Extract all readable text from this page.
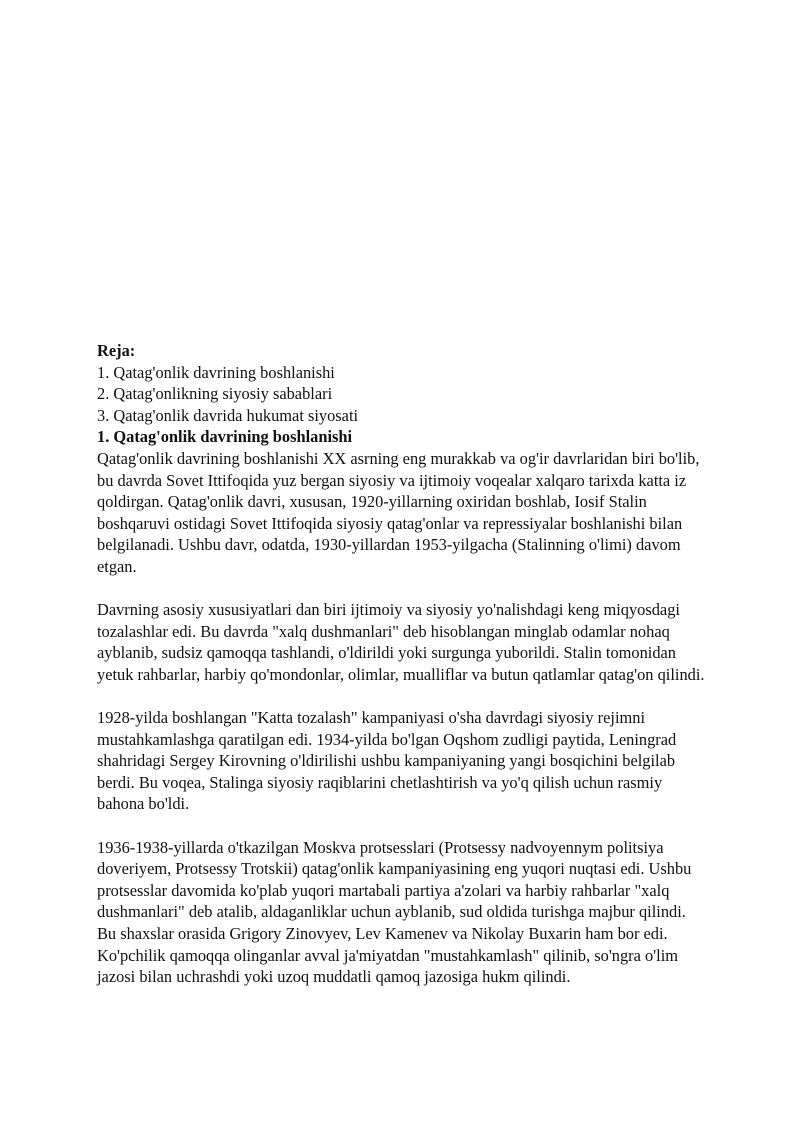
Reja:
1. Qatag'onlik davrining boshlanishi
2. Qatag'onlikning siyosiy sabablari
3. Qatag'onlik davrida hukumat siyosati
1. Qatag'onlik davrining boshlanishi

Qatag'onlik davrining boshlanishi XX asrning eng murakkab va og'ir davrlaridan biri bo'lib, bu davrda Sovet Ittifoqida yuz bergan siyosiy va ijtimoiy voqealar xalqaro tarixda katta iz qoldirgan. Qatag'onlik davri, xususan, 1920-yillarning oxiridan boshlab, Iosif Stalin boshqaruvi ostidagi Sovet Ittifoqida siyosiy qatag'onlar va repressiyalar boshlanishi bilan belgilanadi. Ushbu davr, odatda, 1930-yillardan 1953-yilgacha (Stalinning o'limi) davom etgan.

Davrning asosiy xususiyatlari dan biri ijtimoiy va siyosiy yo'nalishdagi keng miqyosdagi tozalashlar edi. Bu davrda "xalq dushmanlari" deb hisoblangan minglab odamlar nohaq ayblanib, sudsiz qamoqqa tashlandi, o'ldirildi yoki surgunga yuborildi. Stalin tomonidan yetuk rahbarlar, harbiy qo'mondonlar, olimlar, mualliflar va butun qatlamlar qatag'on qilindi.

1928-yilda boshlangan "Katta tozalash" kampaniyasi o'sha davrdagi siyosiy rejimni mustahkamlashga qaratilgan edi. 1934-yilda bo'lgan Oqshom zudligi paytida, Leningrad shahridagi Sergey Kirovning o'ldirilishi ushbu kampaniyaning yangi bosqichini belgilab berdi. Bu voqea, Stalinga siyosiy raqiblarini chetlashtirish va yo'q qilish uchun rasmiy bahona bo'ldi.

1936-1938-yillarda o'tkazilgan Moskva protsesslari (Protsessy nadvoyennym politsiya doveriyem, Protsessy Trotskii) qatag'onlik kampaniyasining eng yuqori nuqtasi edi. Ushbu protsesslar davomida ko'plab yuqori martabali partiya a'zolari va harbiy rahbarlar "xalq dushmanlari" deb atalib, aldaganliklar uchun ayblanib, sud oldida turishga majbur qilindi. Bu shaxslar orasida Grigory Zinovyev, Lev Kamenev va Nikolay Buxarin ham bor edi. Ko'pchilik qamoqqa olinganlar avval ja'miyatdan "mustahkamlash" qilinib, so'ngra o'lim jazosi bilan uchrashdi yoki uzoq muddatli qamoq jazosiga hukm qilindi.
